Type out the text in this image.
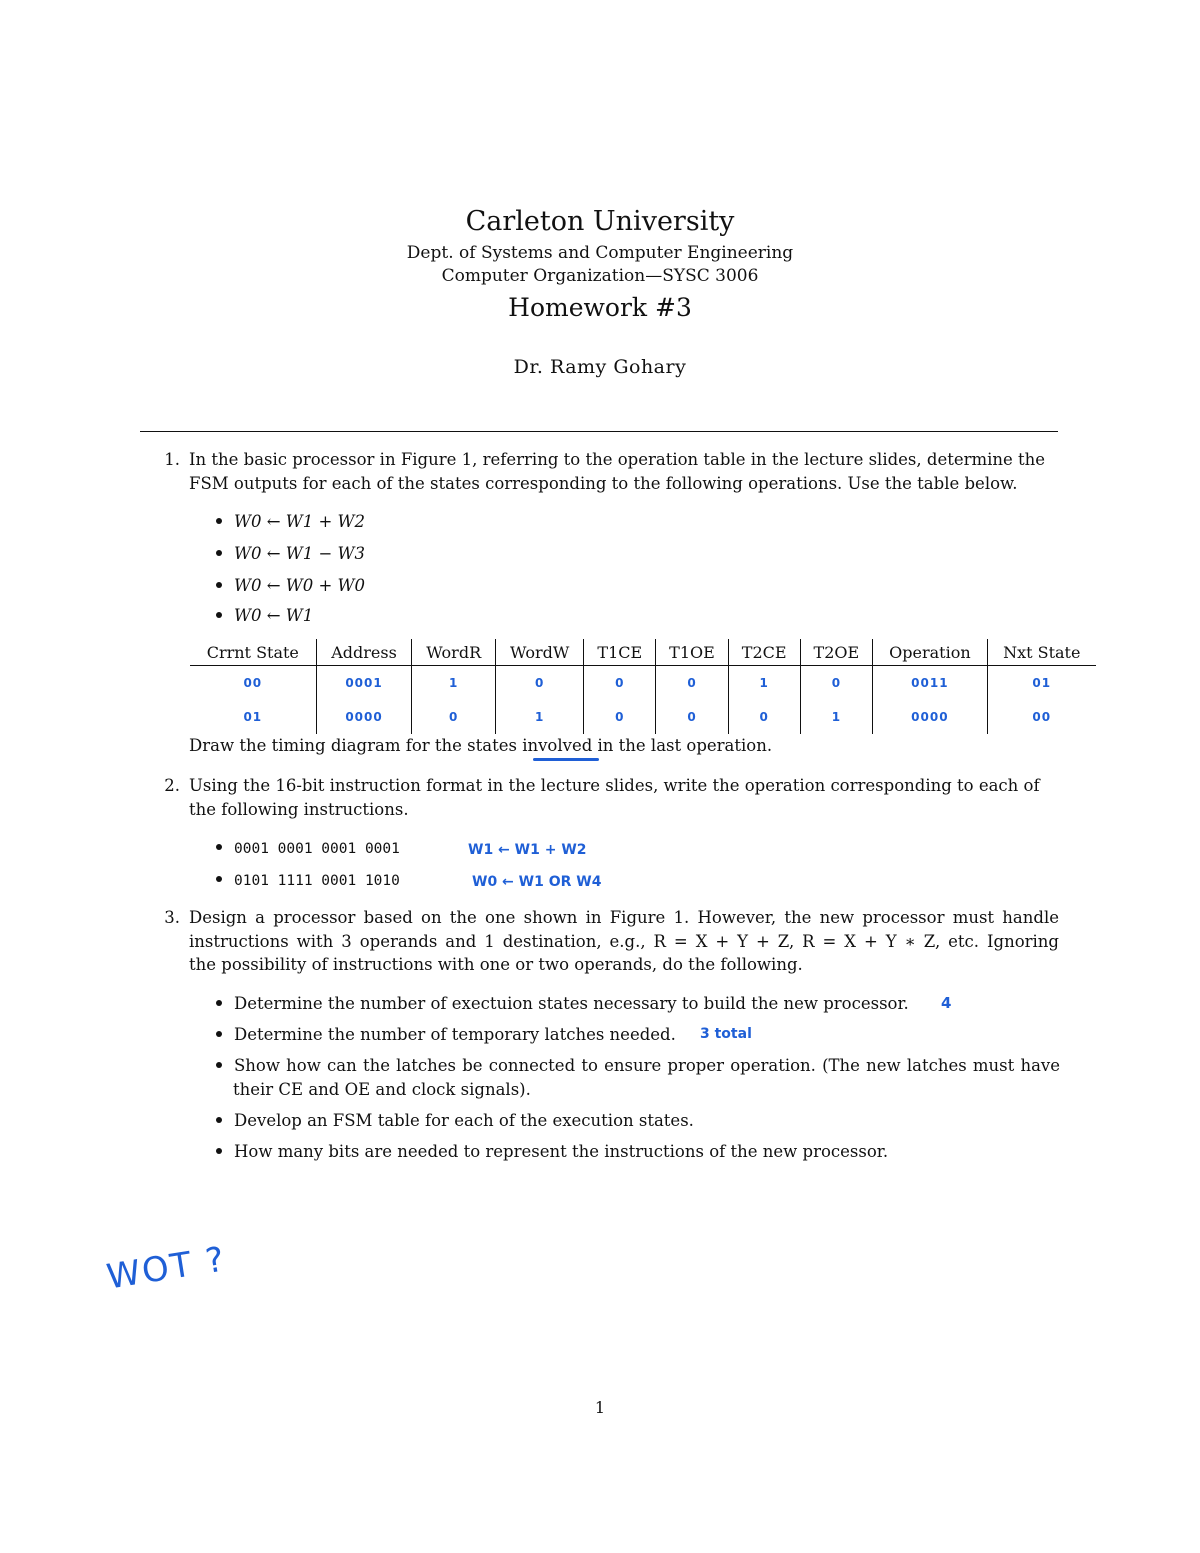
Carleton University
Dept. of Systems and Computer Engineering
Computer Organization—SYSC 3006
Homework #3
Dr. Ramy Gohary
1. In the basic processor in Figure 1, referring to the operation table in the lecture slides, determine the
FSM outputs for each of the states corresponding to the following operations. Use the table below.
W0 ← W1 + W2
W0 ← W1 − W3
W0 ← W0 + W0
W0 ← W1
Crrnt State	Address	WordR	WordW	T1CE	T1OE	T2CE	T2OE	Operation	Nxt State
00	0001	1	0	0	0	1	0	0011	01
01	0000	0	1	0	0	0	1	0000	00
Draw the timing diagram for the states involved in the last operation.
2. Using the 16-bit instruction format in the lecture slides, write the operation corresponding to each of
the following instructions.
0001 0001 0001 0001
0101 1111 0001 1010
W1 ← W1 + W2
W0 ← W1 OR W4
3. Design a processor based on the one shown in Figure 1. However, the new processor must handle
instructions with 3 operands and 1 destination, e.g., R = X + Y + Z, R = X + Y ∗ Z, etc. Ignoring
the possibility of instructions with one or two operands, do the following.
Determine the number of exectuion states necessary to build the new processor. 4
Determine the number of temporary latches needed. 3 total
Show how can the latches be connected to ensure proper operation. (The new latches must have
their CE and OE and clock signals).
Develop an FSM table for each of the execution states.
How many bits are needed to represent the instructions of the new processor.
WOT ?
1
